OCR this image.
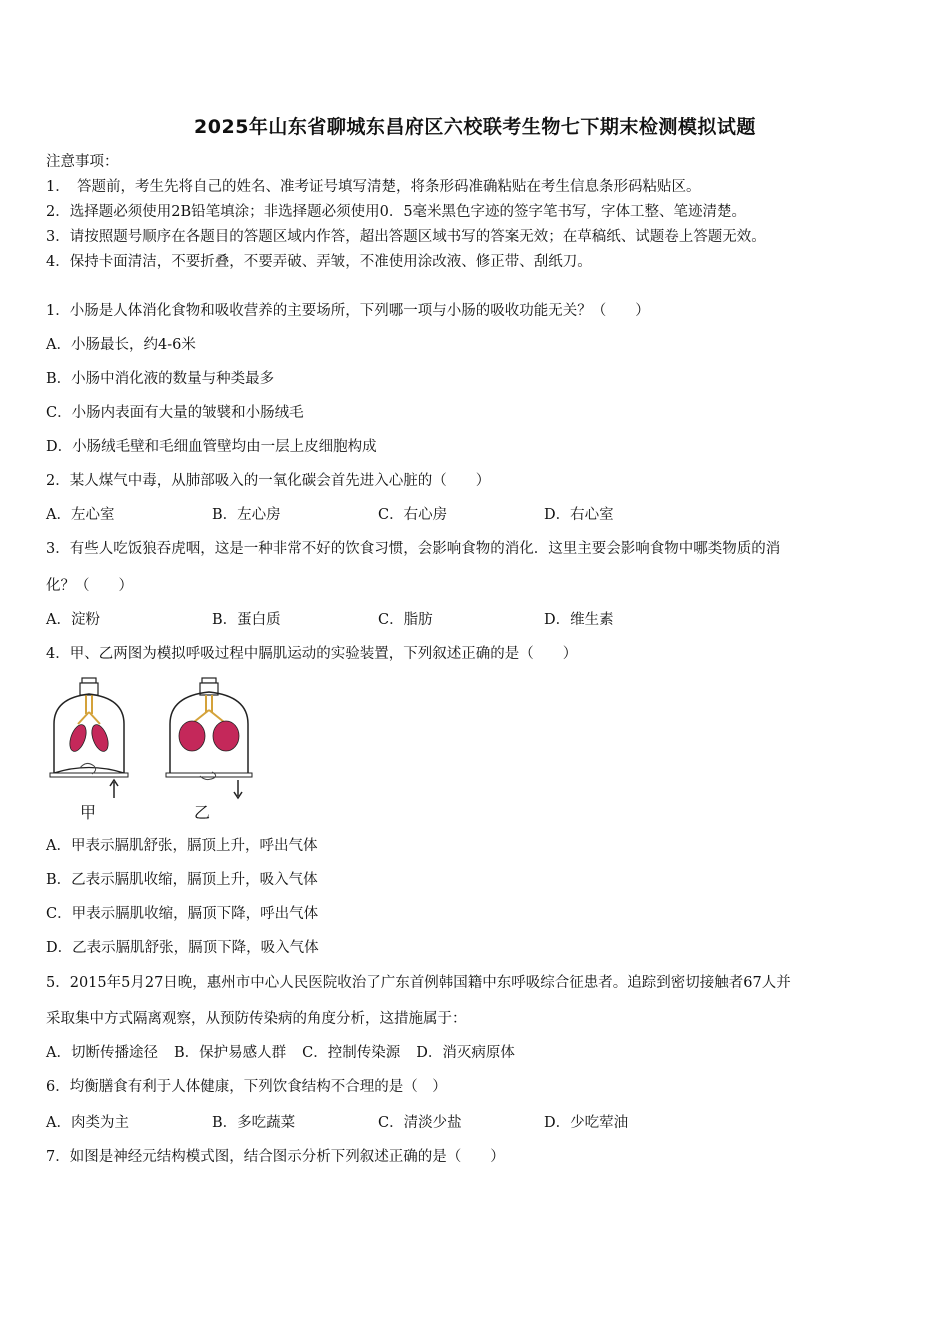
2025年山东省聊城东昌府区六校联考生物七下期末检测模拟试题
注意事项：
1．　答题前，考生先将自己的姓名、准考证号填写清楚，将条形码准确粘贴在考生信息条形码粘贴区。
2．选择题必须使用2B铅笔填涂；非选择题必须使用0．5毫米黑色字迹的签字笔书写，字体工整、笔迹清楚。
3．请按照题号顺序在各题目的答题区域内作答，超出答题区域书写的答案无效；在草稿纸、试题卷上答题无效。
4．保持卡面清洁，不要折叠，不要弄破、弄皱，不准使用涂改液、修正带、刮纸刀。
1．小肠是人体消化食物和吸收营养的主要场所，下列哪一项与小肠的吸收功能无关？（　　）
A．小肠最长，约4-6米
B．小肠中消化液的数量与种类最多
C．小肠内表面有大量的皱襞和小肠绒毛
D．小肠绒毛壁和毛细血管壁均由一层上皮细胞构成
2．某人煤气中毒，从肺部吸入的一氧化碳会首先进入心脏的（　　）
A．左心室	B．左心房	C．右心房	D．右心室
3．有些人吃饭狼吞虎咽，这是一种非常不好的饮食习惯，会影响食物的消化．这里主要会影响食物中哪类物质的消
化？（　　）
A．淀粉	B．蛋白质	C．脂肪	D．维生素
4．甲、乙两图为模拟呼吸过程中膈肌运动的实验装置，下列叙述正确的是（　　）
甲	乙
A．甲表示膈肌舒张，膈顶上升，呼出气体
B．乙表示膈肌收缩，膈顶上升，吸入气体
C．甲表示膈肌收缩，膈顶下降，呼出气体
D．乙表示膈肌舒张，膈顶下降，吸入气体
5．2015年5月27日晚，惠州市中心人民医院收治了广东首例韩国籍中东呼吸综合征患者。追踪到密切接触者67人并
采取集中方式隔离观察，从预防传染病的角度分析，这措施属于：
A．切断传播途径 B．保护易感人群 C．控制传染源 D．消灭病原体
6．均衡膳食有利于人体健康，下列饮食结构不合理的是（　）
A．肉类为主	B．多吃蔬菜	C．清淡少盐	D．少吃荤油
7．如图是神经元结构模式图，结合图示分析下列叙述正确的是（　　）
